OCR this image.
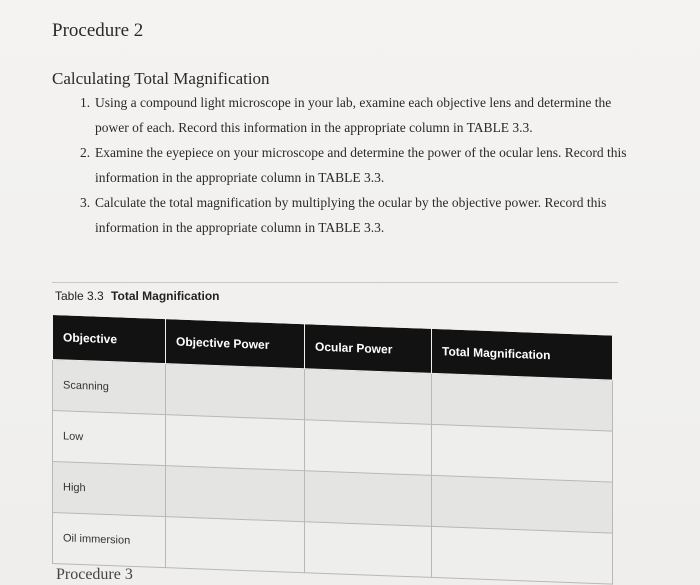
Procedure 2
Calculating Total Magnification
1. Using a compound light microscope in your lab, examine each objective lens and determine the power of each. Record this information in the appropriate column in TABLE 3.3.
2. Examine the eyepiece on your microscope and determine the power of the ocular lens. Record this information in the appropriate column in TABLE 3.3.
3. Calculate the total magnification by multiplying the ocular by the objective power. Record this information in the appropriate column in TABLE 3.3.
Table 3.3 Total Magnification
Objective	Objective Power	Ocular Power	Total Magnification
Scanning			
Low			
High			
Oil immersion			
Procedure 3
